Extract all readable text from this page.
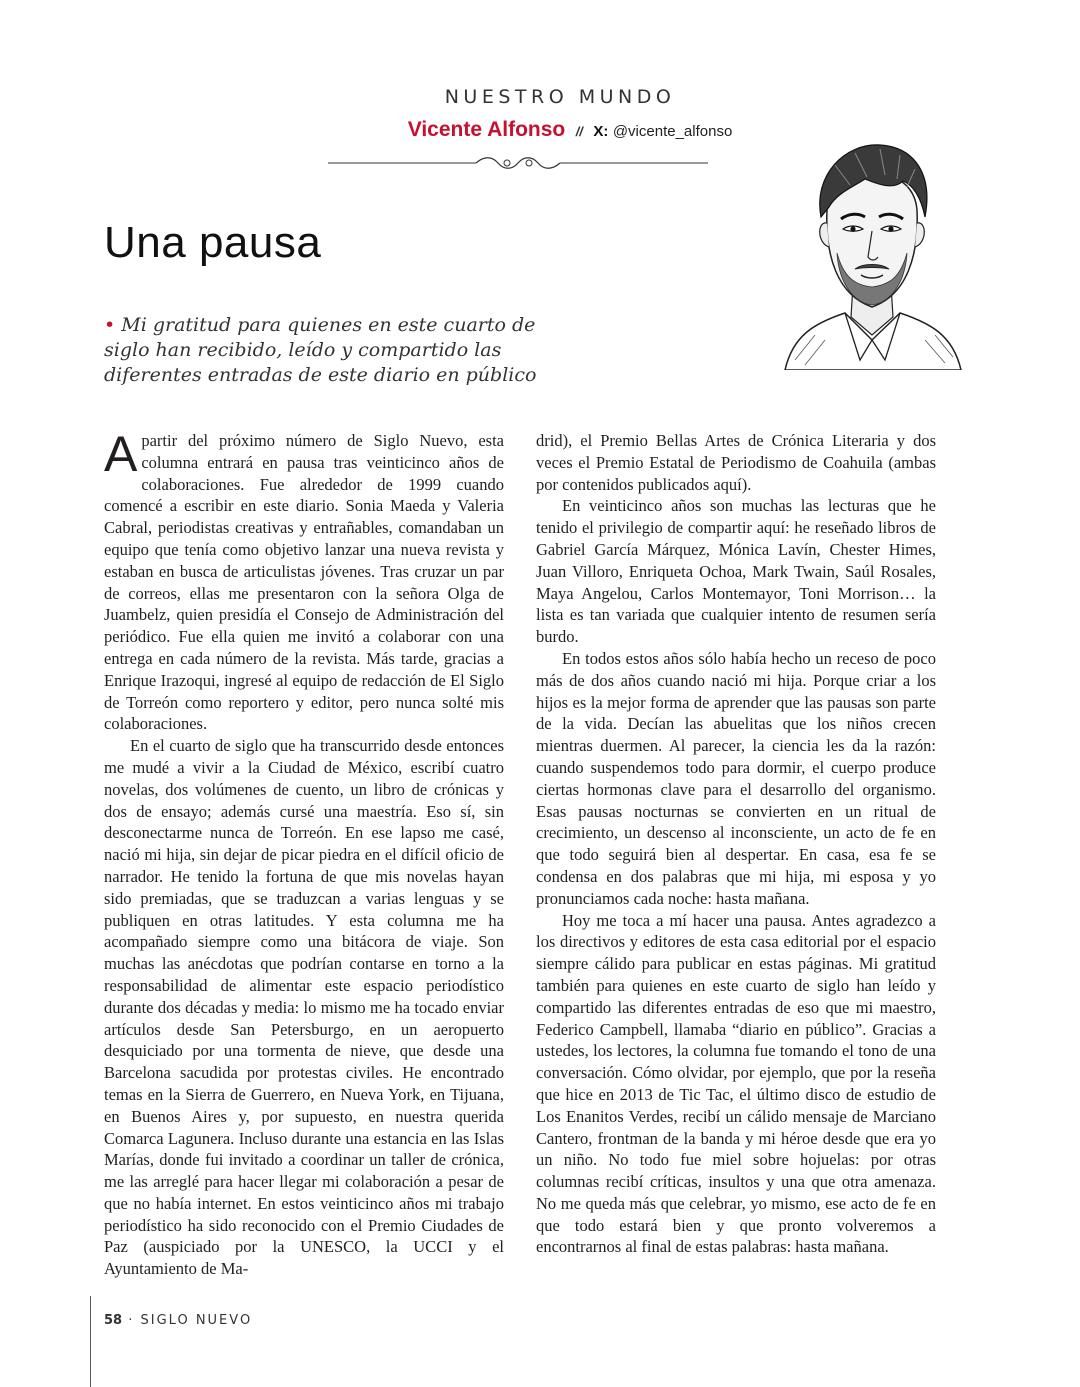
NUESTRO MUNDO
Vicente Alfonso // X: @vicente_alfonso
Una pausa
• Mi gratitud para quienes en este cuarto de siglo han recibido, leído y compartido las diferentes entradas de este diario en público

Apartir del próximo número de Siglo Nuevo, esta columna entrará en pausa tras veinticinco años de colaboraciones. Fue alrededor de 1999 cuando comencé a escribir en este diario. Sonia Maeda y Valeria Cabral, periodistas creativas y entrañables, comandaban un equipo que tenía como objetivo lanzar una nueva revista y estaban en busca de articulistas jóvenes. Tras cruzar un par de correos, ellas me presentaron con la señora Olga de Juambelz, quien presidía el Consejo de Administración del periódico. Fue ella quien me invitó a colaborar con una entrega en cada número de la revista. Más tarde, gracias a Enrique Irazoqui, ingresé al equipo de redacción de El Siglo de Torreón como reportero y editor, pero nunca solté mis colaboraciones.

En el cuarto de siglo que ha transcurrido desde entonces me mudé a vivir a la Ciudad de México, escribí cuatro novelas, dos volúmenes de cuento, un libro de crónicas y dos de ensayo; además cursé una maestría. Eso sí, sin desconectarme nunca de Torreón. En ese lapso me casé, nació mi hija, sin dejar de picar piedra en el difícil oficio de narrador. He tenido la fortuna de que mis novelas hayan sido premiadas, que se traduzcan a varias lenguas y se publiquen en otras latitudes. Y esta columna me ha acompañado siempre como una bitácora de viaje. Son muchas las anécdotas que podrían contarse en torno a la responsabilidad de alimentar este espacio periodístico durante dos décadas y media: lo mismo me ha tocado enviar artículos desde San Petersburgo, en un aeropuerto desquiciado por una tormenta de nieve, que desde una Barcelona sacudida por protestas civiles. He encontrado temas en la Sierra de Guerrero, en Nueva York, en Tijuana, en Buenos Aires y, por supuesto, en nuestra querida Comarca Lagunera. Incluso durante una estancia en las Islas Marías, donde fui invitado a coordinar un taller de crónica, me las arreglé para hacer llegar mi colaboración a pesar de que no había internet. En estos veinticinco años mi trabajo periodístico ha sido reconocido con el Premio Ciudades de Paz (auspiciado por la UNESCO, la UCCI y el Ayuntamiento de Ma-

drid), el Premio Bellas Artes de Crónica Literaria y dos veces el Premio Estatal de Periodismo de Coahuila (ambas por contenidos publicados aquí).

En veinticinco años son muchas las lecturas que he tenido el privilegio de compartir aquí: he reseñado libros de Gabriel García Márquez, Mónica Lavín, Chester Himes, Juan Villoro, Enriqueta Ochoa, Mark Twain, Saúl Rosales, Maya Angelou, Carlos Montemayor, Toni Morrison… la lista es tan variada que cualquier intento de resumen sería burdo.

En todos estos años sólo había hecho un receso de poco más de dos años cuando nació mi hija. Porque criar a los hijos es la mejor forma de aprender que las pausas son parte de la vida. Decían las abuelitas que los niños crecen mientras duermen. Al parecer, la ciencia les da la razón: cuando suspendemos todo para dormir, el cuerpo produce ciertas hormonas clave para el desarrollo del organismo. Esas pausas nocturnas se convierten en un ritual de crecimiento, un descenso al inconsciente, un acto de fe en que todo seguirá bien al despertar. En casa, esa fe se condensa en dos palabras que mi hija, mi esposa y yo pronunciamos cada noche: hasta mañana.

Hoy me toca a mí hacer una pausa. Antes agradezco a los directivos y editores de esta casa editorial por el espacio siempre cálido para publicar en estas páginas. Mi gratitud también para quienes en este cuarto de siglo han leído y compartido las diferentes entradas de eso que mi maestro, Federico Campbell, llamaba “diario en público”. Gracias a ustedes, los lectores, la columna fue tomando el tono de una conversación. Cómo olvidar, por ejemplo, que por la reseña que hice en 2013 de Tic Tac, el último disco de estudio de Los Enanitos Verdes, recibí un cálido mensaje de Marciano Cantero, frontman de la banda y mi héroe desde que era yo un niño. No todo fue miel sobre hojuelas: por otras columnas recibí críticas, insultos y una que otra amenaza. No me queda más que celebrar, yo mismo, ese acto de fe en que todo estará bien y que pronto volveremos a encontrarnos al final de estas palabras: hasta mañana.

58 · SIGLO NUEVO
